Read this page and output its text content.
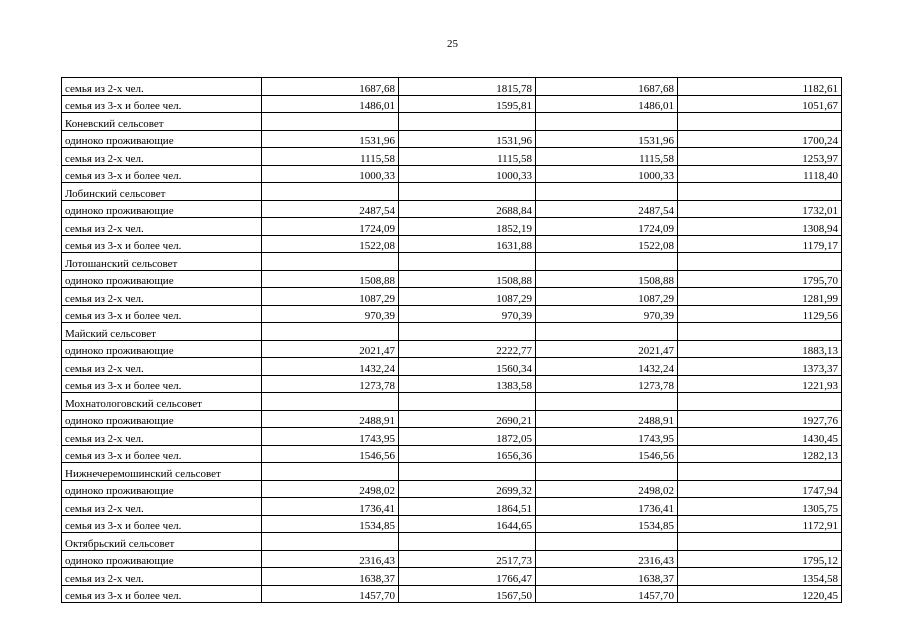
25
семья из 2-х чел.	1687,68	1815,78	1687,68	1182,61
семья из 3-х и более чел.	1486,01	1595,81	1486,01	1051,67
Коневский сельсовет				
одиноко проживающие	1531,96	1531,96	1531,96	1700,24
семья из 2-х чел.	1115,58	1115,58	1115,58	1253,97
семья из 3-х и более чел.	1000,33	1000,33	1000,33	1118,40
Лобинский сельсовет				
одиноко проживающие	2487,54	2688,84	2487,54	1732,01
семья из 2-х чел.	1724,09	1852,19	1724,09	1308,94
семья из 3-х и более чел.	1522,08	1631,88	1522,08	1179,17
Лотошанский сельсовет				
одиноко проживающие	1508,88	1508,88	1508,88	1795,70
семья из 2-х чел.	1087,29	1087,29	1087,29	1281,99
семья из 3-х и более чел.	970,39	970,39	970,39	1129,56
Майский сельсовет				
одиноко проживающие	2021,47	2222,77	2021,47	1883,13
семья из 2-х чел.	1432,24	1560,34	1432,24	1373,37
семья из 3-х и более чел.	1273,78	1383,58	1273,78	1221,93
Мохнатологовский сельсовет				
одиноко проживающие	2488,91	2690,21	2488,91	1927,76
семья из 2-х чел.	1743,95	1872,05	1743,95	1430,45
семья из 3-х и более чел.	1546,56	1656,36	1546,56	1282,13
Нижнечеремошинский сельсовет				
одиноко проживающие	2498,02	2699,32	2498,02	1747,94
семья из 2-х чел.	1736,41	1864,51	1736,41	1305,75
семья из 3-х и более чел.	1534,85	1644,65	1534,85	1172,91
Октябрьский сельсовет				
одиноко проживающие	2316,43	2517,73	2316,43	1795,12
семья из 2-х чел.	1638,37	1766,47	1638,37	1354,58
семья из 3-х и более чел.	1457,70	1567,50	1457,70	1220,45
